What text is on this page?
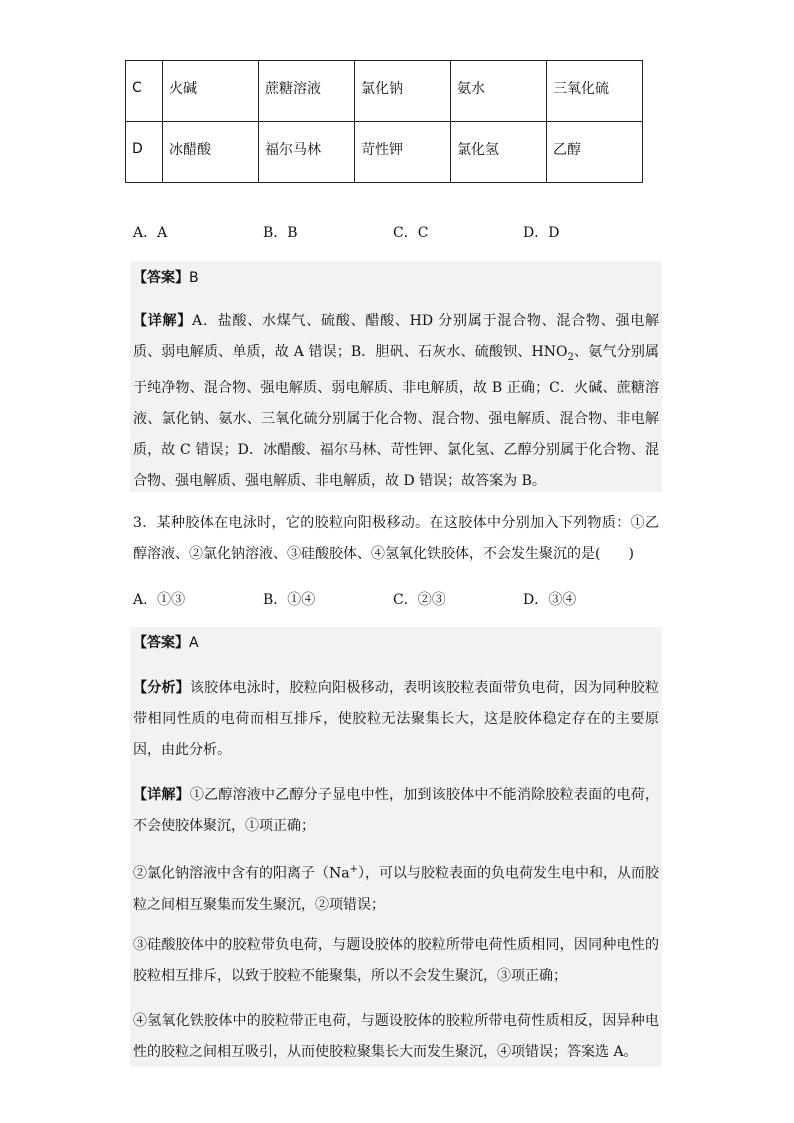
C	火碱	蔗糖溶液	氯化钠	氨水	三氧化硫
D	冰醋酸	福尔马林	苛性钾	氯化氢	乙醇
A．A	B．B	C．C	D．D
【答案】B
【详解】A．盐酸、水煤气、硫酸、醋酸、HD 分别属于混合物、混合物、强电解质、弱电解质、单质，故 A 错误；B．胆矾、石灰水、硫酸钡、$HNO_2$、氨气分别属于纯净物、混合物、强电解质、弱电解质、非电解质，故 B 正确；C．火碱、蔗糖溶液、氯化钠、氨水、三氧化硫分别属于化合物、混合物、强电解质、混合物、非电解质，故 C 错误；D．冰醋酸、福尔马林、苛性钾、氯化氢、乙醇分别属于化合物、混合物、强电解质、强电解质、非电解质，故 D 错误；故答案为 B。
3．某种胶体在电泳时，它的胶粒向阳极移动。在这胶体中分别加入下列物质：①乙醇溶液、②氯化钠溶液、③硅酸胶体、④氢氧化铁胶体，不会发生聚沉的是(　　)
A．①③	B．①④	C．②③	D．③④
【答案】A
【分析】该胶体电泳时，胶粒向阳极移动，表明该胶粒表面带负电荷，因为同种胶粒带相同性质的电荷而相互排斥，使胶粒无法聚集长大，这是胶体稳定存在的主要原因，由此分析。
【详解】①乙醇溶液中乙醇分子显电中性，加到该胶体中不能消除胶粒表面的电荷，不会使胶体聚沉，①项正确；
②氯化钠溶液中含有的阳离子（Na+），可以与胶粒表面的负电荷发生电中和，从而胶粒之间相互聚集而发生聚沉，②项错误；
③硅酸胶体中的胶粒带负电荷，与题设胶体的胶粒所带电荷性质相同，因同种电性的胶粒相互排斥，以致于胶粒不能聚集，所以不会发生聚沉，③项正确；
④氢氧化铁胶体中的胶粒带正电荷，与题设胶体的胶粒所带电荷性质相反，因异种电性的胶粒之间相互吸引，从而使胶粒聚集长大而发生聚沉，④项错误；答案选 A。
